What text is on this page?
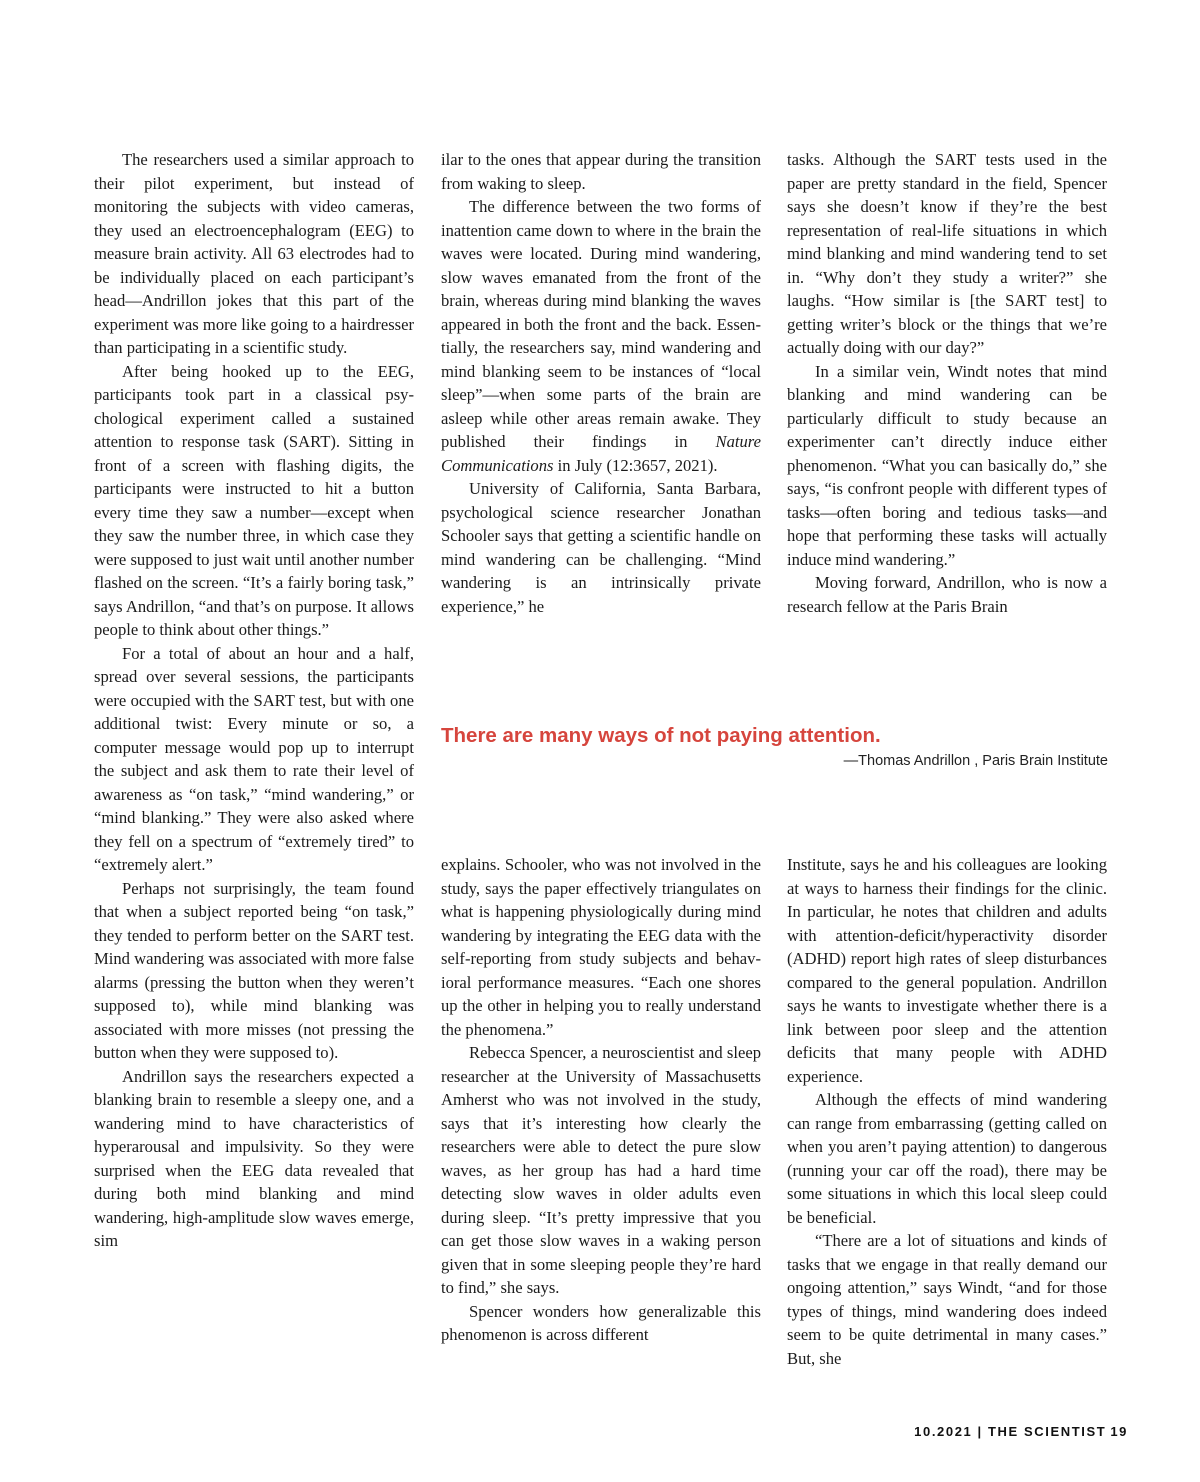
The researchers used a similar approach to their pilot experiment, but instead of monitoring the subjects with video cameras, they used an electroencephalogram (EEG) to measure brain activity. All 63 electrodes had to be individually placed on each participant’s head—Andrillon jokes that this part of the experiment was more like going to a hairdresser than participating in a scientific study.

After being hooked up to the EEG, participants took part in a classical psychological experiment called a sustained attention to response task (SART). Sitting in front of a screen with flashing digits, the participants were instructed to hit a button every time they saw a number—except when they saw the number three, in which case they were supposed to just wait until another number flashed on the screen. “It’s a fairly boring task,” says Andrillon, “and that’s on purpose. It allows people to think about other things.”

For a total of about an hour and a half, spread over several sessions, the participants were occupied with the SART test, but with one additional twist: Every minute or so, a computer message would pop up to interrupt the subject and ask them to rate their level of awareness as “on task,” “mind wandering,” or “mind blanking.” They were also asked where they fell on a spectrum of “extremely tired” to “extremely alert.”

Perhaps not surprisingly, the team found that when a subject reported being “on task,” they tended to perform better on the SART test. Mind wandering was associated with more false alarms (pressing the button when they weren’t supposed to), while mind blanking was associated with more misses (not pressing the button when they were supposed to).

Andrillon says the researchers expected a blanking brain to resemble a sleepy one, and a wandering mind to have characteristics of hyperarousal and impulsivity. So they were surprised when the EEG data revealed that during both mind blanking and mind wandering, high-amplitude slow waves emerge, sim

ilar to the ones that appear during the transition from waking to sleep.

The difference between the two forms of inattention came down to where in the brain the waves were located. During mind wandering, slow waves emanated from the front of the brain, whereas during mind blanking the waves appeared in both the front and the back. Essentially, the researchers say, mind wandering and mind blanking seem to be instances of “local sleep”—when some parts of the brain are asleep while other areas remain awake. They published their findings in Nature Communications in July (12:3657, 2021).

University of California, Santa Barbara, psychological science researcher Jonathan Schooler says that getting a scientific handle on mind wandering can be challenging. “Mind wandering is an intrinsically private experience,” he

tasks. Although the SART tests used in the paper are pretty standard in the field, Spencer says she doesn’t know if they’re the best representation of real-life situations in which mind blanking and mind wandering tend to set in. “Why don’t they study a writer?” she laughs. “How similar is [the SART test] to getting writer’s block or the things that we’re actually doing with our day?”

In a similar vein, Windt notes that mind blanking and mind wandering can be particularly difficult to study because an experimenter can’t directly induce either phenomenon. “What you can basically do,” she says, “is confront people with different types of tasks—often boring and tedious tasks—and hope that performing these tasks will actually induce mind wandering.”

Moving forward, Andrillon, who is now a research fellow at the Paris Brain

There are many ways of not paying attention.

—Thomas Andrillon , Paris Brain Institute

explains. Schooler, who was not involved in the study, says the paper effectively triangulates on what is happening physiologically during mind wandering by integrating the EEG data with the self-reporting from study subjects and behavioral performance measures. “Each one shores up the other in helping you to really understand the phenomena.”

Rebecca Spencer, a neuroscientist and sleep researcher at the University of Massachusetts Amherst who was not involved in the study, says that it’s interesting how clearly the researchers were able to detect the pure slow waves, as her group has had a hard time detecting slow waves in older adults even during sleep. “It’s pretty impressive that you can get those slow waves in a waking person given that in some sleeping people they’re hard to find,” she says.

Spencer wonders how generalizable this phenomenon is across different

Institute, says he and his colleagues are looking at ways to harness their findings for the clinic. In particular, he notes that children and adults with attention-deficit/hyperactivity disorder (ADHD) report high rates of sleep disturbances compared to the general population. Andrillon says he wants to investigate whether there is a link between poor sleep and the attention deficits that many people with ADHD experience.

Although the effects of mind wandering can range from embarrassing (getting called on when you aren’t paying attention) to dangerous (running your car off the road), there may be some situations in which this local sleep could be beneficial.

“There are a lot of situations and kinds of tasks that we engage in that really demand our ongoing attention,” says Windt, “and for those types of things, mind wandering does indeed seem to be quite detrimental in many cases.” But, she

10.2021 | THE SCIENTIST 19
